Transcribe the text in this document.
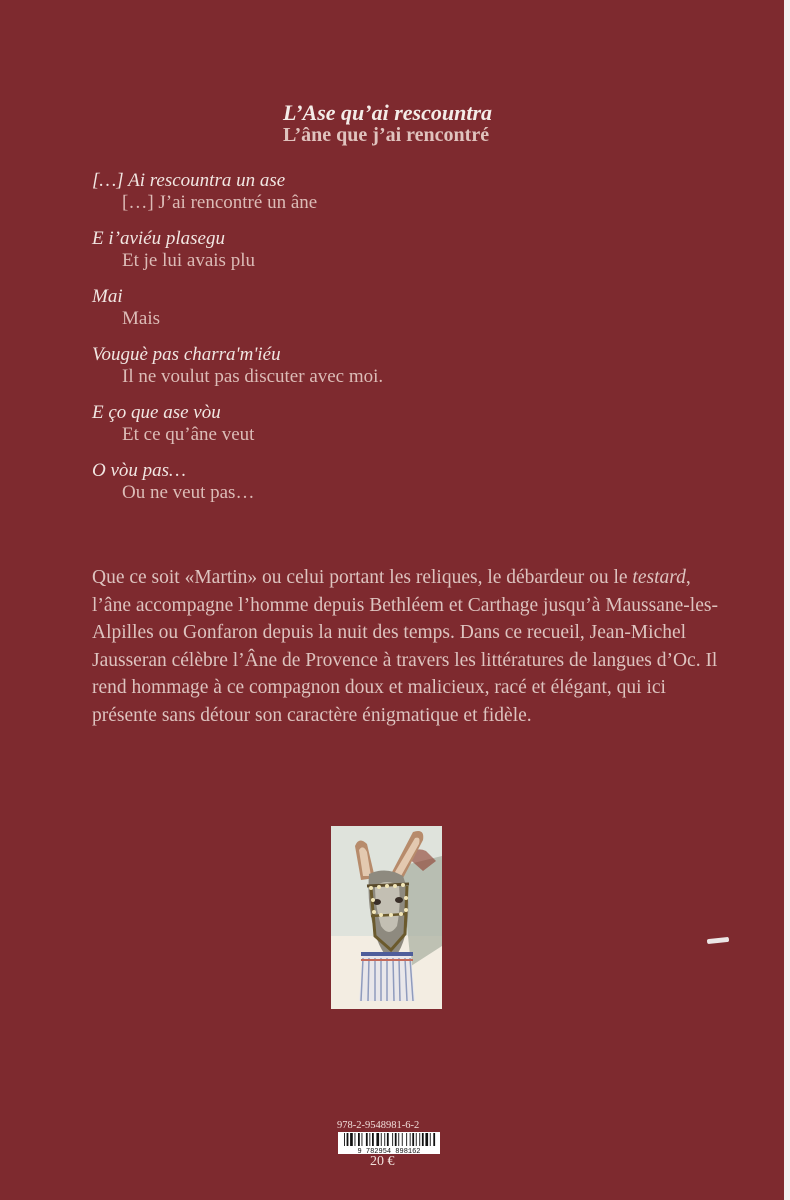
L’Ase qu’ai rescountra
L’âne que j’ai rencontré
[…] Ai rescountra un ase
[…] J’ai rencontré un âne
E i’aviéu plasegu
Et je lui avais plu
Mai
Mais
Vouguè pas charra'm'iéu
Il ne voulut pas discuter avec moi.
E ço que ase vòu
Et ce qu’âne veut
O vòu pas…
Ou ne veut pas…
Que ce soit «Martin» ou celui portant les reliques, le débardeur ou le testard, l’âne accompagne l’homme depuis Bethléem et Carthage jusqu’à Maussane-les-Alpilles ou Gonfaron depuis la nuit des temps. Dans ce recueil, Jean-Michel Jausseran célèbre l’Âne de Provence à travers les littératures de langues d’Oc. Il rend hommage à ce compagnon doux et malicieux, racé et élégant, qui ici présente sans détour son caractère énigmatique et fidèle.
978-2-9548981-6-2
9 782954 898162
20 €
